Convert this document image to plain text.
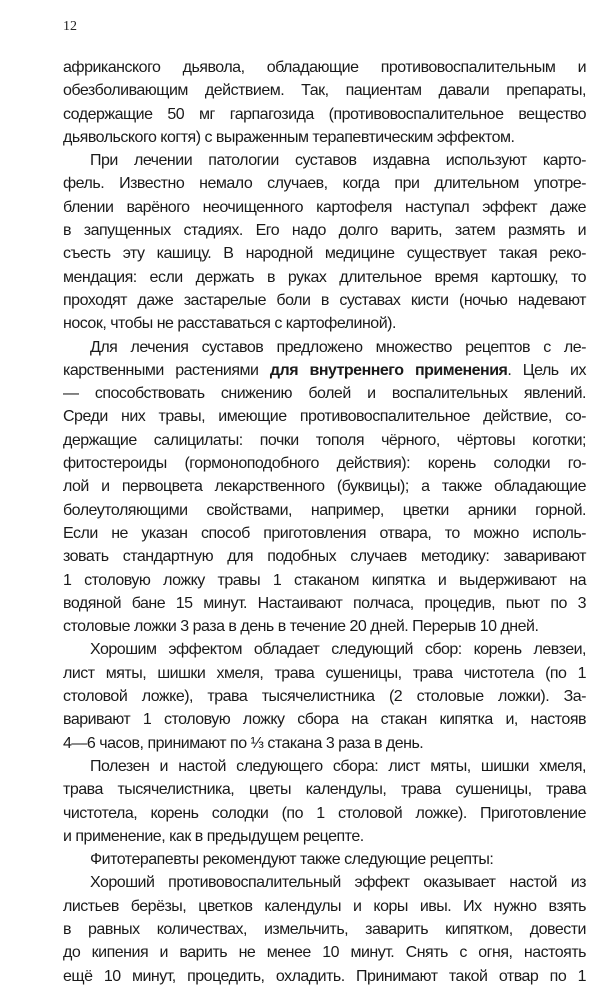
12
африканского дьявола, обладающие противовоспалительным и
обезболивающим действием. Так, пациентам давали препараты,
содержащие 50 мг гарпагозида (противовоспалительное вещество
дьявольского когтя) с выраженным терапевтическим эффектом.
При лечении патологии суставов издавна используют карто-
фель. Известно немало случаев, когда при длительном употре-
блении варёного неочищенного картофеля наступал эффект даже
в запущенных стадиях. Его надо долго варить, затем размять и
съесть эту кашицу. В народной медицине существует такая реко-
мендация: если держать в руках длительное время картошку, то
проходят даже застарелые боли в суставах кисти (ночью надевают
носок, чтобы не расставаться с картофелиной).
Для лечения суставов предложено множество рецептов с ле-
карственными растениями для внутреннего применения. Цель их
— способствовать снижению болей и воспалительных явлений.
Среди них травы, имеющие противовоспалительное действие, со-
держащие салицилаты: почки тополя чёрного, чёртовы коготки;
фитостероиды (гормоноподобного действия): корень солодки го-
лой и первоцвета лекарственного (буквицы); а также обладающие
болеутоляющими свойствами, например, цветки арники горной.
Если не указан способ приготовления отвара, то можно исполь-
зовать стандартную для подобных случаев методику: заваривают
1 столовую ложку травы 1 стаканом кипятка и выдерживают на
водяной бане 15 минут. Настаивают полчаса, процедив, пьют по 3
столовые ложки 3 раза в день в течение 20 дней. Перерыв 10 дней.
Хорошим эффектом обладает следующий сбор: корень левзеи,
лист мяты, шишки хмеля, трава сушеницы, трава чистотела (по 1
столовой ложке), трава тысячелистника (2 столовые ложки). За-
варивают 1 столовую ложку сбора на стакан кипятка и, настояв
4—6 часов, принимают по ⅓ стакана 3 раза в день.
Полезен и настой следующего сбора: лист мяты, шишки хмеля,
трава тысячелистника, цветы календулы, трава сушеницы, трава
чистотела, корень солодки (по 1 столовой ложке). Приготовление
и применение, как в предыдущем рецепте.
Фитотерапевты рекомендуют также следующие рецепты:
Хороший противовоспалительный эффект оказывает настой из
листьев берёзы, цветков календулы и коры ивы. Их нужно взять
в равных количествах, измельчить, заварить кипятком, довести
до кипения и варить не менее 10 минут. Снять с огня, настоять
ещё 10 минут, процедить, охладить. Принимают такой отвар по 1
